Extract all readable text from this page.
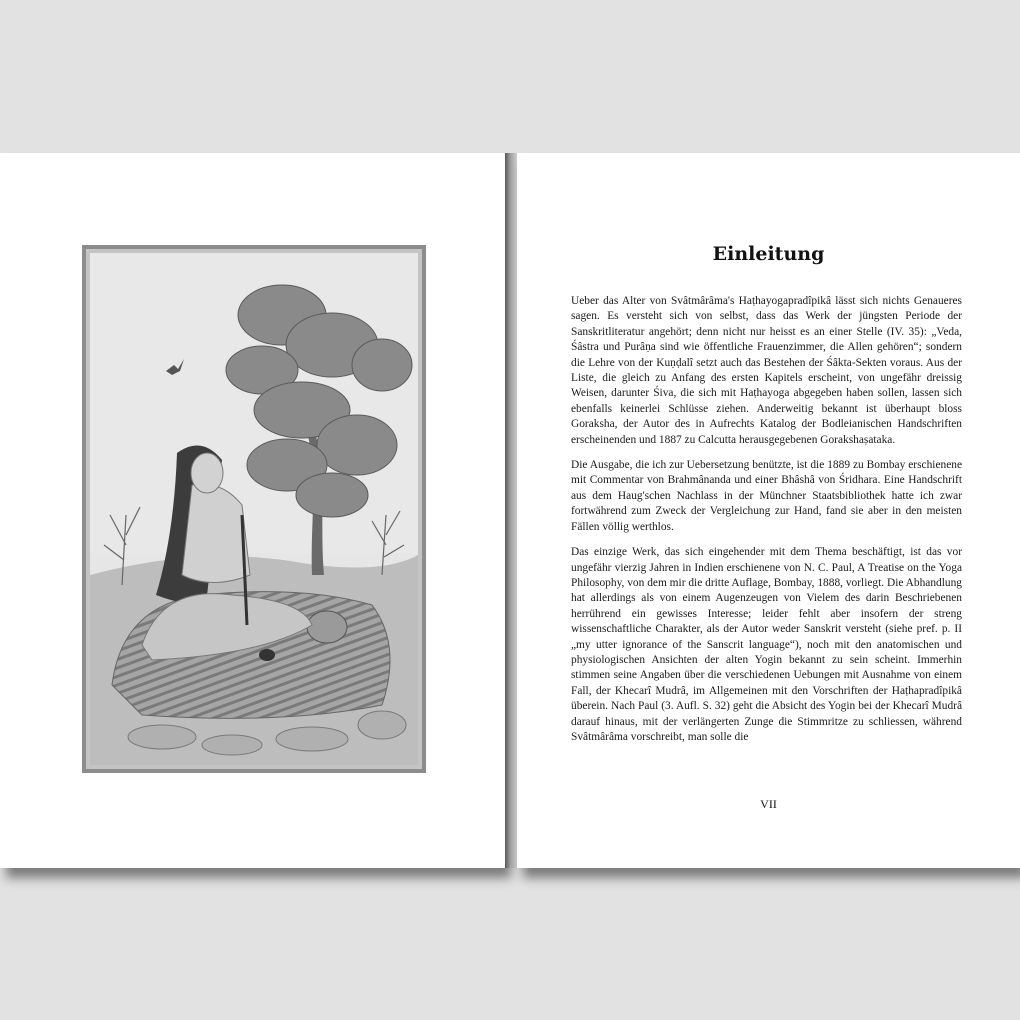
Einleitung

Ueber das Alter von Svâtmârâma's Haṭhayogapradîpikâ lässt sich nichts Genaueres sagen. Es versteht sich von selbst, dass das Werk der jüngsten Periode der Sanskritliteratur angehört; denn nicht nur heisst es an einer Stelle (IV. 35): „Veda, Śâstra und Purâṇa sind wie öffentliche Frauenzimmer, die Allen gehören“; sondern die Lehre von der Kuṇḍalî setzt auch das Bestehen der Śâkta-Sekten voraus. Aus der Liste, die gleich zu Anfang des ersten Kapitels erscheint, von ungefähr dreissig Weisen, darunter Śiva, die sich mit Haṭhayoga abgegeben haben sollen, lassen sich ebenfalls keinerlei Schlüsse ziehen. Anderweitig bekannt ist überhaupt bloss Goraksha, der Autor des in Aufrechts Katalog der Bodleianischen Handschriften erscheinenden und 1887 zu Calcutta herausgegebenen Gorakshaṣataka.

Die Ausgabe, die ich zur Uebersetzung benützte, ist die 1889 zu Bombay erschienene mit Commentar von Brahmânanda und einer Bhâshâ von Śridhara. Eine Handschrift aus dem Haug'schen Nachlass in der Münchner Staatsbibliothek hatte ich zwar fortwährend zum Zweck der Vergleichung zur Hand, fand sie aber in den meisten Fällen völlig werthlos.

Das einzige Werk, das sich eingehender mit dem Thema beschäftigt, ist das vor ungefähr vierzig Jahren in Indien erschienene von N. C. Paul, A Treatise on the Yoga Philosophy, von dem mir die dritte Auflage, Bombay, 1888, vorliegt. Die Abhandlung hat allerdings als von einem Augenzeugen von Vielem des darin Beschriebenen herrührend ein gewisses Interesse; leider fehlt aber insofern der streng wissenschaftliche Charakter, als der Autor weder Sanskrit versteht (siehe pref. p. II „my utter ignorance of the Sanscrit language“), noch mit den anatomischen und physiologischen Ansichten der alten Yogin bekannt zu sein scheint. Immerhin stimmen seine Angaben über die verschiedenen Uebungen mit Ausnahme von einem Fall, der Khecarî Mudrâ, im Allgemeinen mit den Vorschriften der Haṭhapradîpikâ überein. Nach Paul (3. Aufl. S. 32) geht die Absicht des Yogin bei der Khecarî Mudrâ darauf hinaus, mit der verlängerten Zunge die Stimmritze zu schliessen, während Svâtmârâma vorschreibt, man solle die

VII
